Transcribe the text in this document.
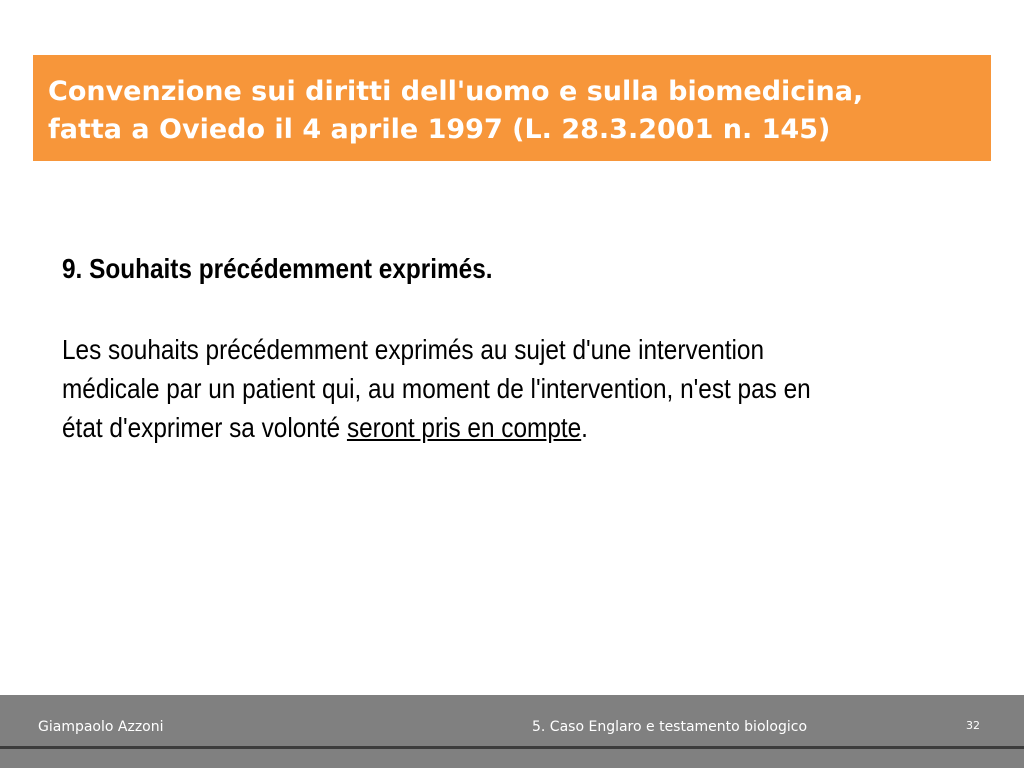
Convenzione sui diritti dell'uomo e sulla biomedicina,
fatta a Oviedo il 4 aprile 1997 (L. 28.3.2001 n. 145)
9. Souhaits précédemment exprimés.
Les souhaits précédemment exprimés au sujet d'une intervention
médicale par un patient qui, au moment de l'intervention, n'est pas en
état d'exprimer sa volonté seront pris en compte.
Giampaolo Azzoni	5. Caso Englaro e testamento biologico	32
